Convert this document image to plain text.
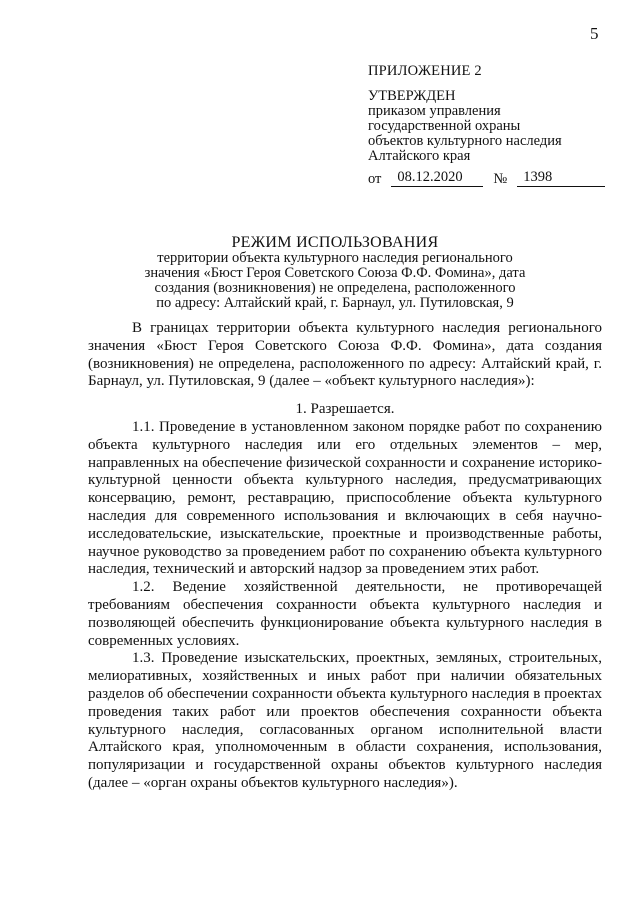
5
ПРИЛОЖЕНИЕ 2
УТВЕРЖДЕН
приказом управления
государственной охраны
объектов культурного наследия
Алтайского края
от	08.12.2020	№	1398
РЕЖИМ ИСПОЛЬЗОВАНИЯ
территории объекта культурного наследия регионального
значения «Бюст Героя Советского Союза Ф.Ф. Фомина», дата
создания (возникновения) не определена, расположенного
по адресу: Алтайский край, г. Барнаул, ул. Путиловская, 9

В границах территории объекта культурного наследия регионального значения «Бюст Героя Советского Союза Ф.Ф. Фомина», дата создания (возникновения) не определена, расположенного по адресу: Алтайский край, г. Барнаул, ул. Путиловская, 9 (далее – «объект культурного наследия»):

1. Разрешается.

1.1. Проведение в установленном законом порядке работ по сохранению объекта культурного наследия или его отдельных элементов – мер, направленных на обеспечение физической сохранности и сохранение историко-культурной ценности объекта культурного наследия, предусматривающих консервацию, ремонт, реставрацию, приспособление объекта культурного наследия для современного использования и включающих в себя научно-исследовательские, изыскательские, проектные и производственные работы, научное руководство за проведением работ по сохранению объекта культурного наследия, технический и авторский надзор за проведением этих работ.

1.2. Ведение хозяйственной деятельности, не противоречащей требованиям обеспечения сохранности объекта культурного наследия и позволяющей обеспечить функционирование объекта культурного наследия в современных условиях.

1.3. Проведение изыскательских, проектных, земляных, строительных, мелиоративных, хозяйственных и иных работ при наличии обязательных разделов об обеспечении сохранности объекта культурного наследия в проектах проведения таких работ или проектов обеспечения сохранности объекта культурного наследия, согласованных органом исполнительной власти Алтайского края, уполномоченным в области сохранения, использования, популяризации и государственной охраны объектов культурного наследия (далее – «орган охраны объектов культурного наследия»).
